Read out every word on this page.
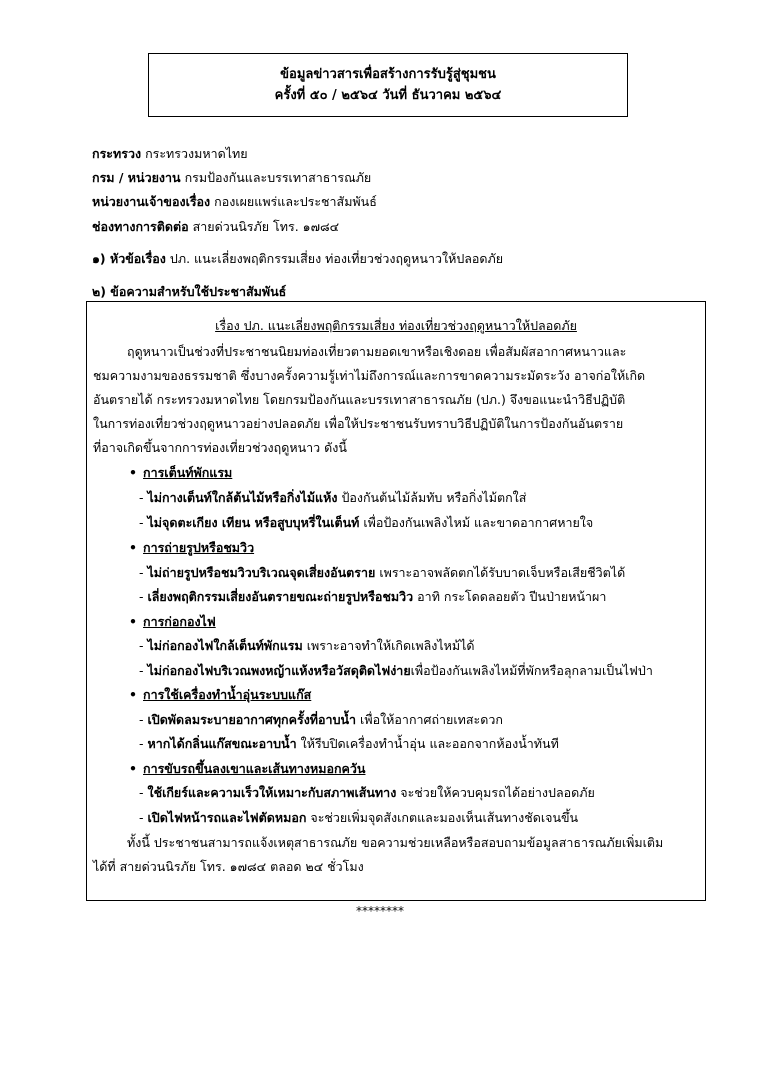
ข้อมูลข่าวสารเพื่อสร้างการรับรู้สู่ชุมชน
ครั้งที่ ๕๐ / ๒๕๖๔ วันที่ ธันวาคม ๒๕๖๔
กระทรวง กระทรวงมหาดไทย
กรม / หน่วยงาน กรมป้องกันและบรรเทาสาธารณภัย
หน่วยงานเจ้าของเรื่อง กองเผยแพร่และประชาสัมพันธ์
ช่องทางการติดต่อ สายด่วนนิรภัย โทร. ๑๗๘๔
๑) หัวข้อเรื่อง ปภ. แนะเลี่ยงพฤติกรรมเสี่ยง ท่องเที่ยวช่วงฤดูหนาวให้ปลอดภัย
๒) ข้อความสำหรับใช้ประชาสัมพันธ์
เรื่อง ปภ. แนะเลี่ยงพฤติกรรมเสี่ยง ท่องเที่ยวช่วงฤดูหนาวให้ปลอดภัย
ฤดูหนาวเป็นช่วงที่ประชาชนนิยมท่องเที่ยวตามยอดเขาหรือเชิงดอย เพื่อสัมผัสอากาศหนาวและ
ชมความงามของธรรมชาติ ซึ่งบางครั้งความรู้เท่าไม่ถึงการณ์และการขาดความระมัดระวัง อาจก่อให้เกิด
อันตรายได้ กระทรวงมหาดไทย โดยกรมป้องกันและบรรเทาสาธารณภัย (ปภ.) จึงขอแนะนำวิธีปฏิบัติ
ในการท่องเที่ยวช่วงฤดูหนาวอย่างปลอดภัย เพื่อให้ประชาชนรับทราบวิธีปฏิบัติในการป้องกันอันตราย
ที่อาจเกิดขึ้นจากการท่องเที่ยวช่วงฤดูหนาว ดังนี้
• การเต็นท์พักแรม
- ไม่กางเต็นท์ใกล้ต้นไม้หรือกิ่งไม้แห้ง ป้องกันต้นไม้ล้มทับ หรือกิ่งไม้ตกใส่
- ไม่จุดตะเกียง เทียน หรือสูบบุหรี่ในเต็นท์ เพื่อป้องกันเพลิงไหม้ และขาดอากาศหายใจ
• การถ่ายรูปหรือชมวิว
- ไม่ถ่ายรูปหรือชมวิวบริเวณจุดเสี่ยงอันตราย เพราะอาจพลัดตกได้รับบาดเจ็บหรือเสียชีวิตได้
- เลี่ยงพฤติกรรมเสี่ยงอันตรายขณะถ่ายรูปหรือชมวิว อาทิ กระโดดลอยตัว ปีนป่ายหน้าผา
• การก่อกองไฟ
- ไม่ก่อกองไฟใกล้เต็นท์พักแรม เพราะอาจทำให้เกิดเพลิงไหม้ได้
- ไม่ก่อกองไฟบริเวณพงหญ้าแห้งหรือวัสดุติดไฟง่ายเพื่อป้องกันเพลิงไหม้ที่พักหรือลุกลามเป็นไฟป่า
• การใช้เครื่องทำน้ำอุ่นระบบแก๊ส
- เปิดพัดลมระบายอากาศทุกครั้งที่อาบน้ำ เพื่อให้อากาศถ่ายเทสะดวก
- หากได้กลิ่นแก๊สขณะอาบน้ำ ให้รีบปิดเครื่องทำน้ำอุ่น และออกจากห้องน้ำทันที
• การขับรถขึ้นลงเขาและเส้นทางหมอกควัน
- ใช้เกียร์และความเร็วให้เหมาะกับสภาพเส้นทาง จะช่วยให้ควบคุมรถได้อย่างปลอดภัย
- เปิดไฟหน้ารถและไฟตัดหมอก จะช่วยเพิ่มจุดสังเกตและมองเห็นเส้นทางชัดเจนขึ้น
ทั้งนี้ ประชาชนสามารถแจ้งเหตุสาธารณภัย ขอความช่วยเหลือหรือสอบถามข้อมูลสาธารณภัยเพิ่มเติม
ได้ที่ สายด่วนนิรภัย โทร. ๑๗๘๔ ตลอด ๒๔ ชั่วโมง
********
